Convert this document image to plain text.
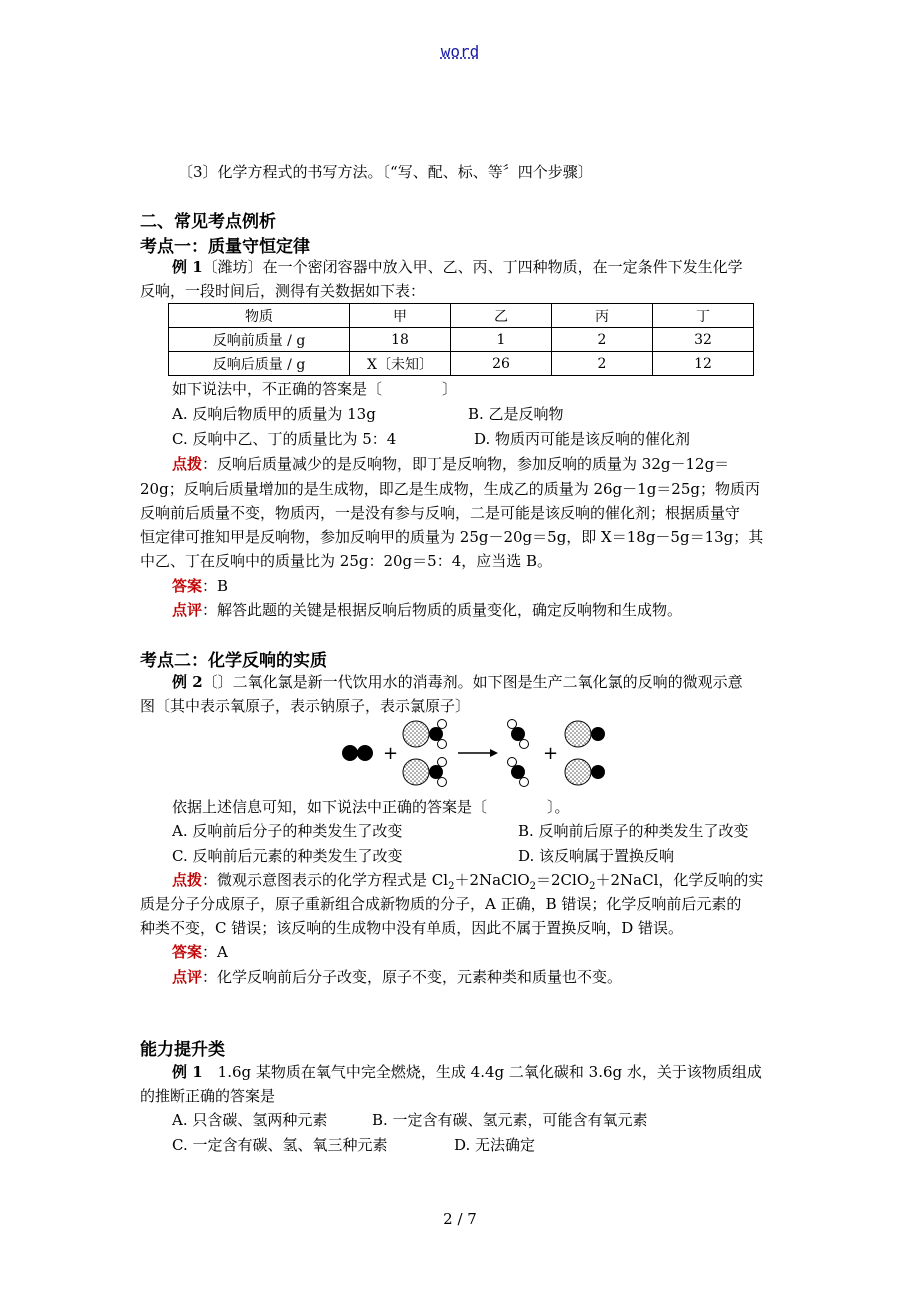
word
〔3〕化学方程式的书写方法。〔“写、配、标、等〞四个步骤〕
二、常见考点例析
考点一：质量守恒定律
例 1〔潍坊〕在一个密闭容器中放入甲、乙、丙、丁四种物质，在一定条件下发生化学
反响，一段时间后，测得有关数据如下表：
物质	甲	乙	丙	丁
反响前质量 / g	18	1	2	32
反响后质量 / g	X〔未知〕	26	2	12
如下说法中，不正确的答案是〔　　　　〕
A. 反响后物质甲的质量为 13g	B. 乙是反响物
C. 反响中乙、丁的质量比为 5：4	D. 物质丙可能是该反响的催化剂
点拨：反响后质量减少的是反响物，即丁是反响物，参加反响的质量为 32g－12g＝
20g；反响后质量增加的是生成物，即乙是生成物，生成乙的质量为 26g－1g＝25g；物质丙
反响前后质量不变，物质丙，一是没有参与反响，二是可能是该反响的催化剂；根据质量守
恒定律可推知甲是反响物，参加反响甲的质量为 25g－20g＝5g，即 X＝18g－5g＝13g；其
中乙、丁在反响中的质量比为 25g：20g＝5：4，应当选 B。
答案：B
点评：解答此题的关键是根据反响后物质的质量变化，确定反响物和生成物。
考点二：化学反响的实质
例 2〔〕二氧化氯是新一代饮用水的消毒剂。如下图是生产二氧化氯的反响的微观示意
图〔其中表示氧原子，表示钠原子，表示氯原子〕
+	+
依据上述信息可知，如下说法中正确的答案是〔　　　　〕。
A. 反响前后分子的种类发生了改变	B. 反响前后原子的种类发生了改变
C. 反响前后元素的种类发生了改变	D. 该反响属于置换反响
点拨：微观示意图表示的化学方程式是 $Cl_2+2NaClO_2=2ClO_2+2NaCl$，化学反响的实
质是分子分成原子，原子重新组合成新物质的分子，A 正确，B 错误；化学反响前后元素的
种类不变，C 错误；该反响的生成物中没有单质，因此不属于置换反响，D 错误。
答案：A
点评：化学反响前后分子改变，原子不变，元素种类和质量也不变。
能力提升类
例 1　1.6g 某物质在氧气中完全燃烧，生成 4.4g 二氧化碳和 3.6g 水，关于该物质组成
的推断正确的答案是
A. 只含碳、氢两种元素	B. 一定含有碳、氢元素，可能含有氧元素
C. 一定含有碳、氢、氧三种元素	D. 无法确定
2 / 7
